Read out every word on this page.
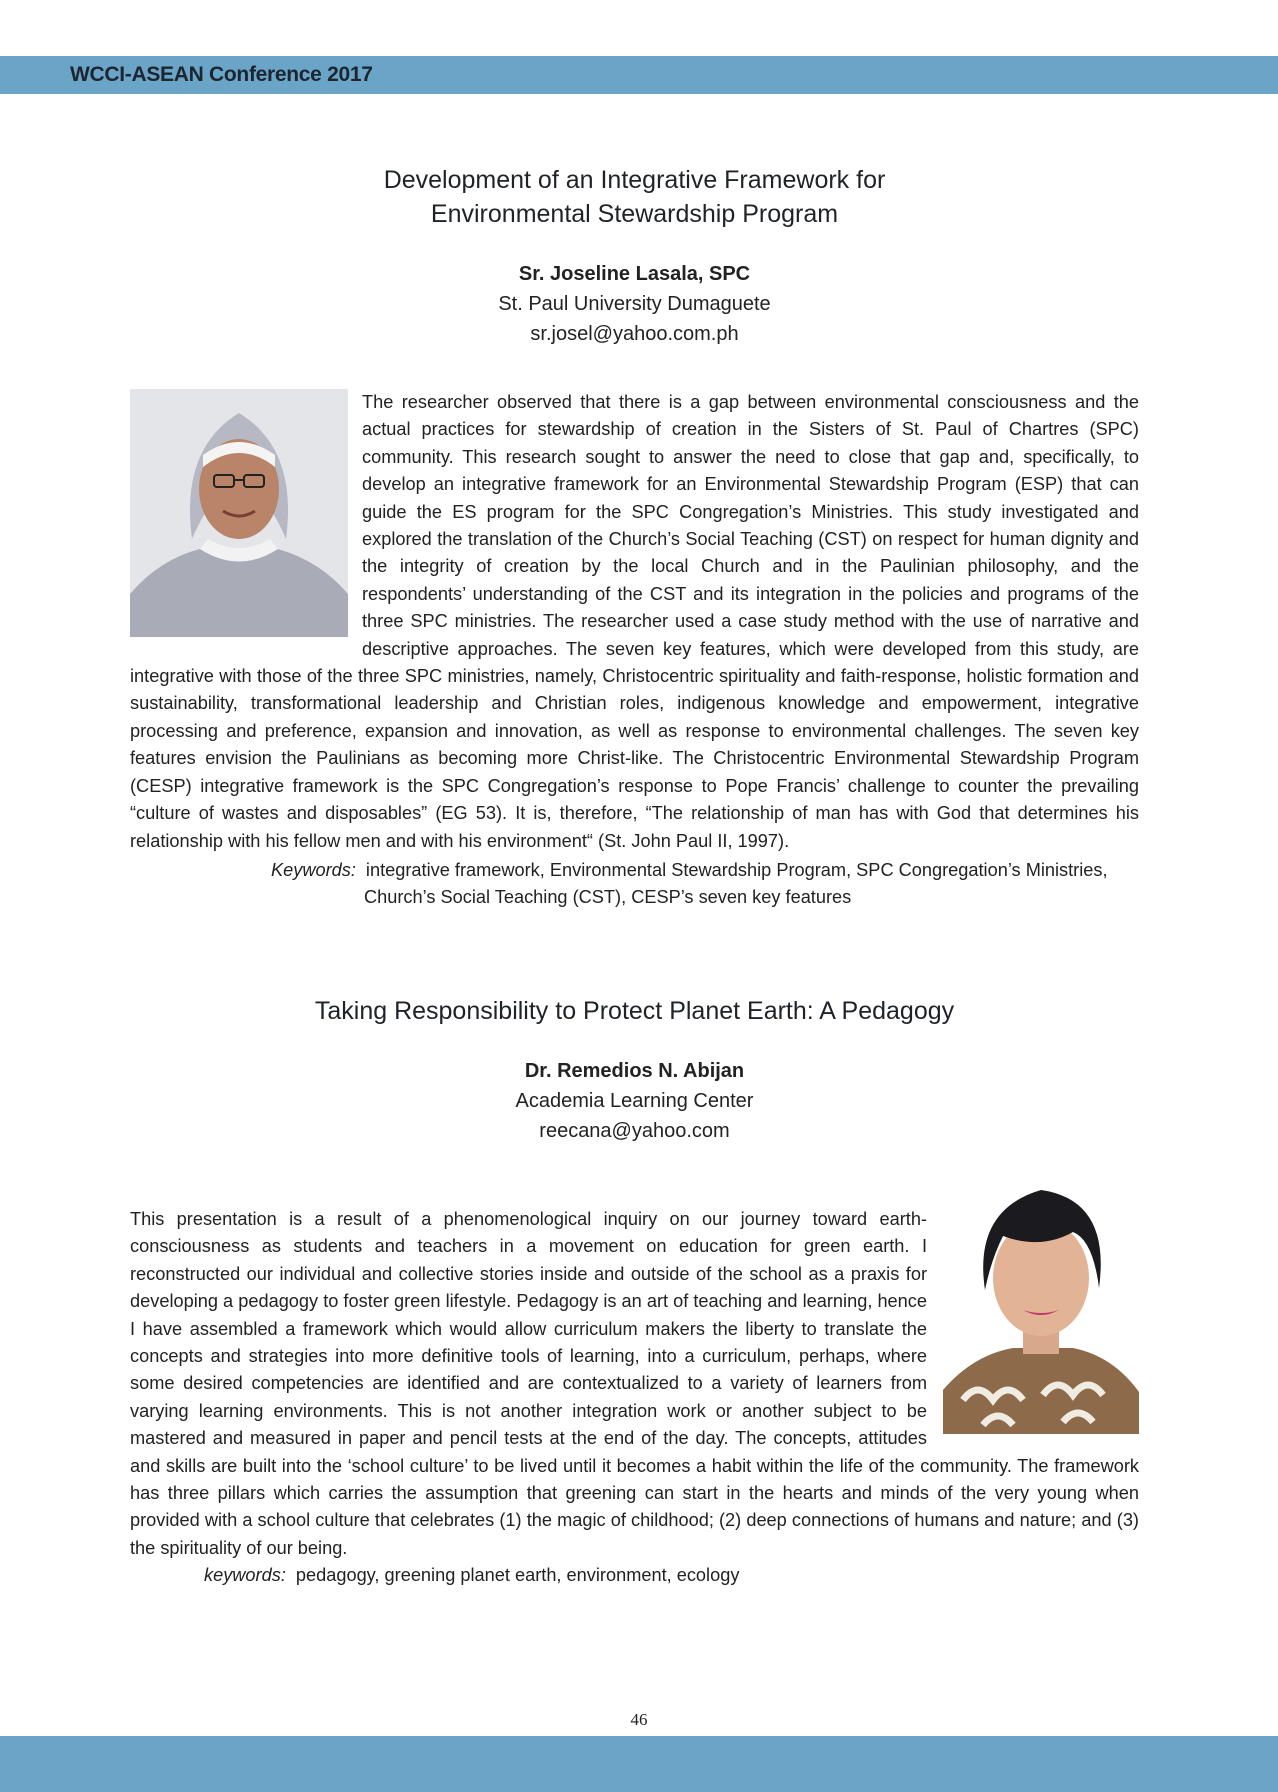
WCCI-ASEAN Conference 2017
Development of an Integrative Framework for
Environmental Stewardship Program
Sr. Joseline Lasala, SPC
St. Paul University Dumaguete
sr.josel@yahoo.com.ph

The researcher observed that there is a gap between environmental consciousness and the actual practices for stewardship of creation in the Sisters of St. Paul of Chartres (SPC) community. This research sought to answer the need to close that gap and, specifically, to develop an integrative framework for an Environmental Stewardship Program (ESP) that can guide the ES program for the SPC Congregation’s Ministries. This study investigated and explored the translation of the Church’s Social Teaching (CST) on respect for human dignity and the integrity of creation by the local Church and in the Paulinian philosophy, and the respondents’ understanding of the CST and its integration in the policies and programs of the three SPC ministries. The researcher used a case study method with the use of narrative and descriptive approaches. The seven key features, which were developed from this study, are integrative with those of the three SPC ministries, namely, Christocentric spirituality and faith-response, holistic formation and sustainability, transformational leadership and Christian roles, indigenous knowledge and empowerment, integrative processing and preference, expansion and innovation, as well as response to environmental challenges. The seven key features envision the Paulinians as becoming more Christ-like. The Christocentric Environmental Stewardship Program (CESP) integrative framework is the SPC Congregation’s response to Pope Francis’ challenge to counter the prevailing “culture of wastes and disposables” (EG 53). It is, therefore, “The relationship of man has with God that determines his relationship with his fellow men and with his environment“ (St. John Paul II, 1997).

Keywords: integrative framework, Environmental Stewardship Program, SPC Congregation’s Ministries, Church’s Social Teaching (CST), CESP’s seven key features

Taking Responsibility to Protect Planet Earth: A Pedagogy
Dr. Remedios N. Abijan
Academia Learning Center
reecana@yahoo.com

This presentation is a result of a phenomenological inquiry on our journey toward earth-consciousness as students and teachers in a movement on education for green earth. I reconstructed our individual and collective stories inside and outside of the school as a praxis for developing a pedagogy to foster green lifestyle. Pedagogy is an art of teaching and learning, hence I have assembled a framework which would allow curriculum makers the liberty to translate the concepts and strategies into more definitive tools of learning, into a curriculum, perhaps, where some desired competencies are identified and are contextualized to a variety of learners from varying learning environments. This is not another integration work or another subject to be mastered and measured in paper and pencil tests at the end of the day. The concepts, attitudes and skills are built into the ‘school culture’ to be lived until it becomes a habit within the life of the community. The framework has three pillars which carries the assumption that greening can start in the hearts and minds of the very young when provided with a school culture that celebrates (1) the magic of childhood; (2) deep connections of humans and nature; and (3) the spirituality of our being.

keywords: pedagogy, greening planet earth, environment, ecology

46
